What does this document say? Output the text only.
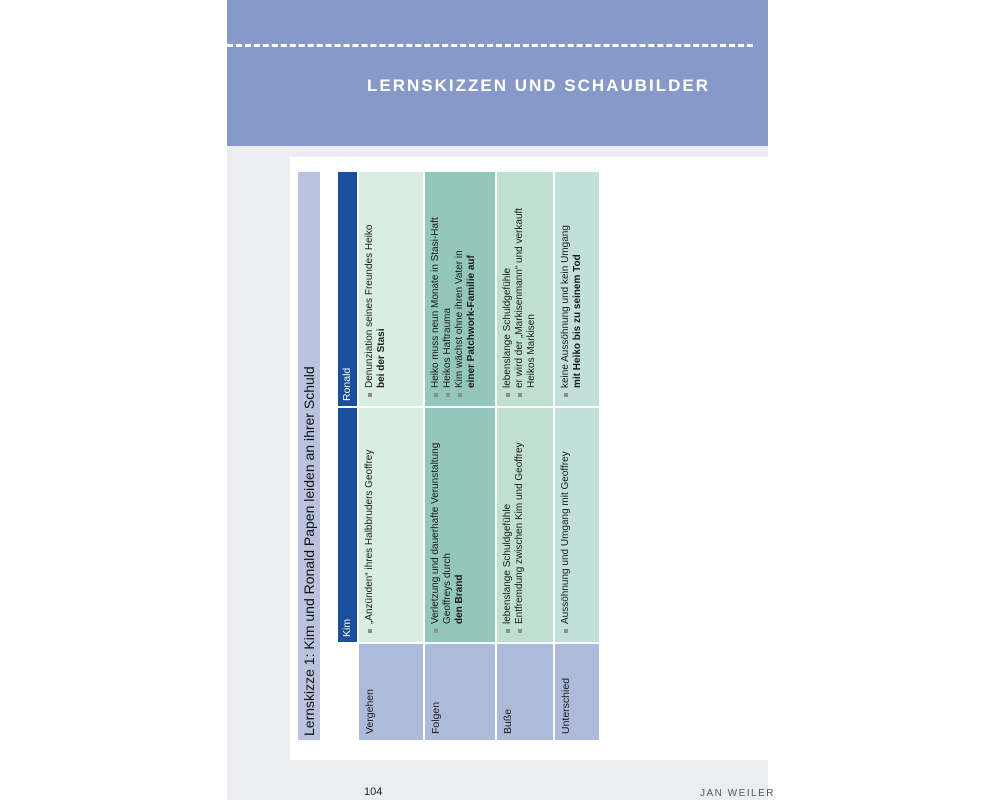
LERNSKIZZEN UND SCHAUBILDER
104	JAN WEILER
Lernskizze 1: Kim und Ronald Papen leiden an ihrer Schuld Kim
Ronald
Vergehen
„Anzünden“ ihres Halbbruders Geoffrey
Denunziation seines Freundes Heiko
bei der Stasi
Folgen
Verletzung und dauerhafte Verunstaltung Geoffreys durch
den Brand
Heiko muss neun Monate in Stasi-Haft Heikos Haftrauma Kim wächst ohne ihren Vater in
einer Patchwork-Familie auf
Buße
lebenslange Schuldgefühle Entfremdung zwischen Kim und Geoffrey
lebenslange Schuldgefühle er wird der „Markisenmann“ und verkauft Heikos Markisen
Unterschied
Aussöhnung und Umgang mit Geoffrey
keine Aussöhnung und kein Umgang
mit Heiko bis zu seinem Tod
